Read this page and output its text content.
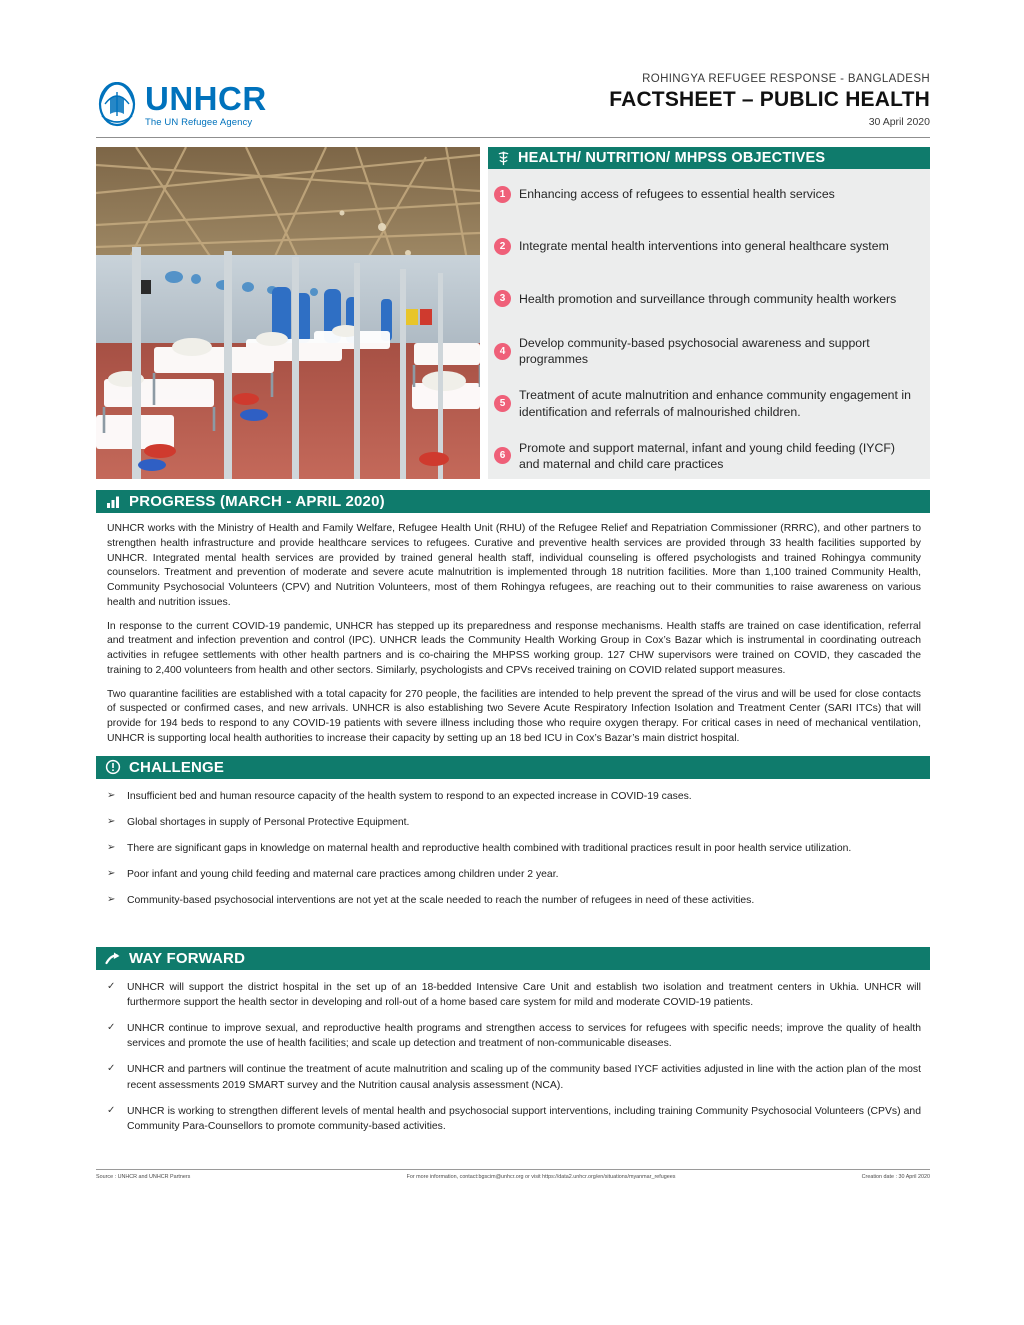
UNHCR
The UN Refugee Agency
ROHINGYA REFUGEE RESPONSE - BANGLADESH
FACTSHEET – PUBLIC HEALTH
30 April 2020
HEALTH/ NUTRITION/ MHPSS OBJECTIVES
1	Enhancing access of refugees to essential health services
2	Integrate mental health interventions into general healthcare system
3	Health promotion and surveillance through community health workers
4
Develop community-based psychosocial awareness and support programmes
5
Treatment of acute malnutrition and enhance community engagement in identification and referrals of malnourished children.
6
Promote and support maternal, infant and young child feeding (IYCF) and maternal and child care practices
PROGRESS (MARCH - APRIL 2020)

UNHCR works with the Ministry of Health and Family Welfare, Refugee Health Unit (RHU) of the Refugee Relief and Repatriation Commissioner (RRRC), and other partners to strengthen health infrastructure and provide healthcare services to refugees. Curative and preventive health services are provided through 33 health facilities supported by UNHCR. Integrated mental health services are provided by trained general health staff, individual counseling is offered psychologists and trained Rohingya community counselors. Treatment and prevention of moderate and severe acute malnutrition is implemented through 18 nutrition facilities. More than 1,100 trained Community Health, Community Psychosocial Volunteers (CPV) and Nutrition Volunteers, most of them Rohingya refugees, are reaching out to their communities to raise awareness on various health and nutrition issues.

In response to the current COVID-19 pandemic, UNHCR has stepped up its preparedness and response mechanisms. Health staffs are trained on case identification, referral and treatment and infection prevention and control (IPC). UNHCR leads the Community Health Working Group in Cox’s Bazar which is instrumental in coordinating outreach activities in refugee settlements with other health partners and is co-chairing the MHPSS working group. 127 CHW supervisors were trained on COVID, they cascaded the training to 2,400 volunteers from health and other sectors. Similarly, psychologists and CPVs received training on COVID related support measures.

Two quarantine facilities are established with a total capacity for 270 people, the facilities are intended to help prevent the spread of the virus and will be used for close contacts of suspected or confirmed cases, and new arrivals. UNHCR is also establishing two Severe Acute Respiratory Infection Isolation and Treatment Center (SARI ITCs) that will provide for 194 beds to respond to any COVID-19 patients with severe illness including those who require oxygen therapy. For critical cases in need of mechanical ventilation, UNHCR is supporting local health authorities to increase their capacity by setting up an 18 bed ICU in Cox’s Bazar’s main district hospital.

CHALLENGE
➢ Insufficient bed and human resource capacity of the health system to respond to an expected increase in COVID-19 cases.
➢ Global shortages in supply of Personal Protective Equipment.
➢ There are significant gaps in knowledge on maternal health and reproductive health combined with traditional practices result in poor health service utilization.
➢ Poor infant and young child feeding and maternal care practices among children under 2 year.
➢ Community-based psychosocial interventions are not yet at the scale needed to reach the number of refugees in need of these activities.
WAY FORWARD
✓ UNHCR will support the district hospital in the set up of an 18-bedded Intensive Care Unit and establish two isolation and treatment centers in Ukhia. UNHCR will furthermore support the health sector in developing and roll-out of a home based care system for mild and moderate COVID-19 patients.
✓ UNHCR continue to improve sexual, and reproductive health programs and strengthen access to services for refugees with specific needs; improve the quality of health services and promote the use of health facilities; and scale up detection and treatment of non-communicable diseases.
✓ UNHCR and partners will continue the treatment of acute malnutrition and scaling up of the community based IYCF activities adjusted in line with the action plan of the most recent assessments 2019 SMART survey and the Nutrition causal analysis assessment (NCA).
✓ UNHCR is working to strengthen different levels of mental health and psychosocial support interventions, including training Community Psychosocial Volunteers (CPVs) and Community Para-Counsellors to promote community-based activities.
Source : UNHCR and UNHCR Partners	For more information, contact:bgscim@unhcr.org or visit https://data2.unhcr.org/en/situations/myanmar_refugees	Creation date : 30 April 2020
